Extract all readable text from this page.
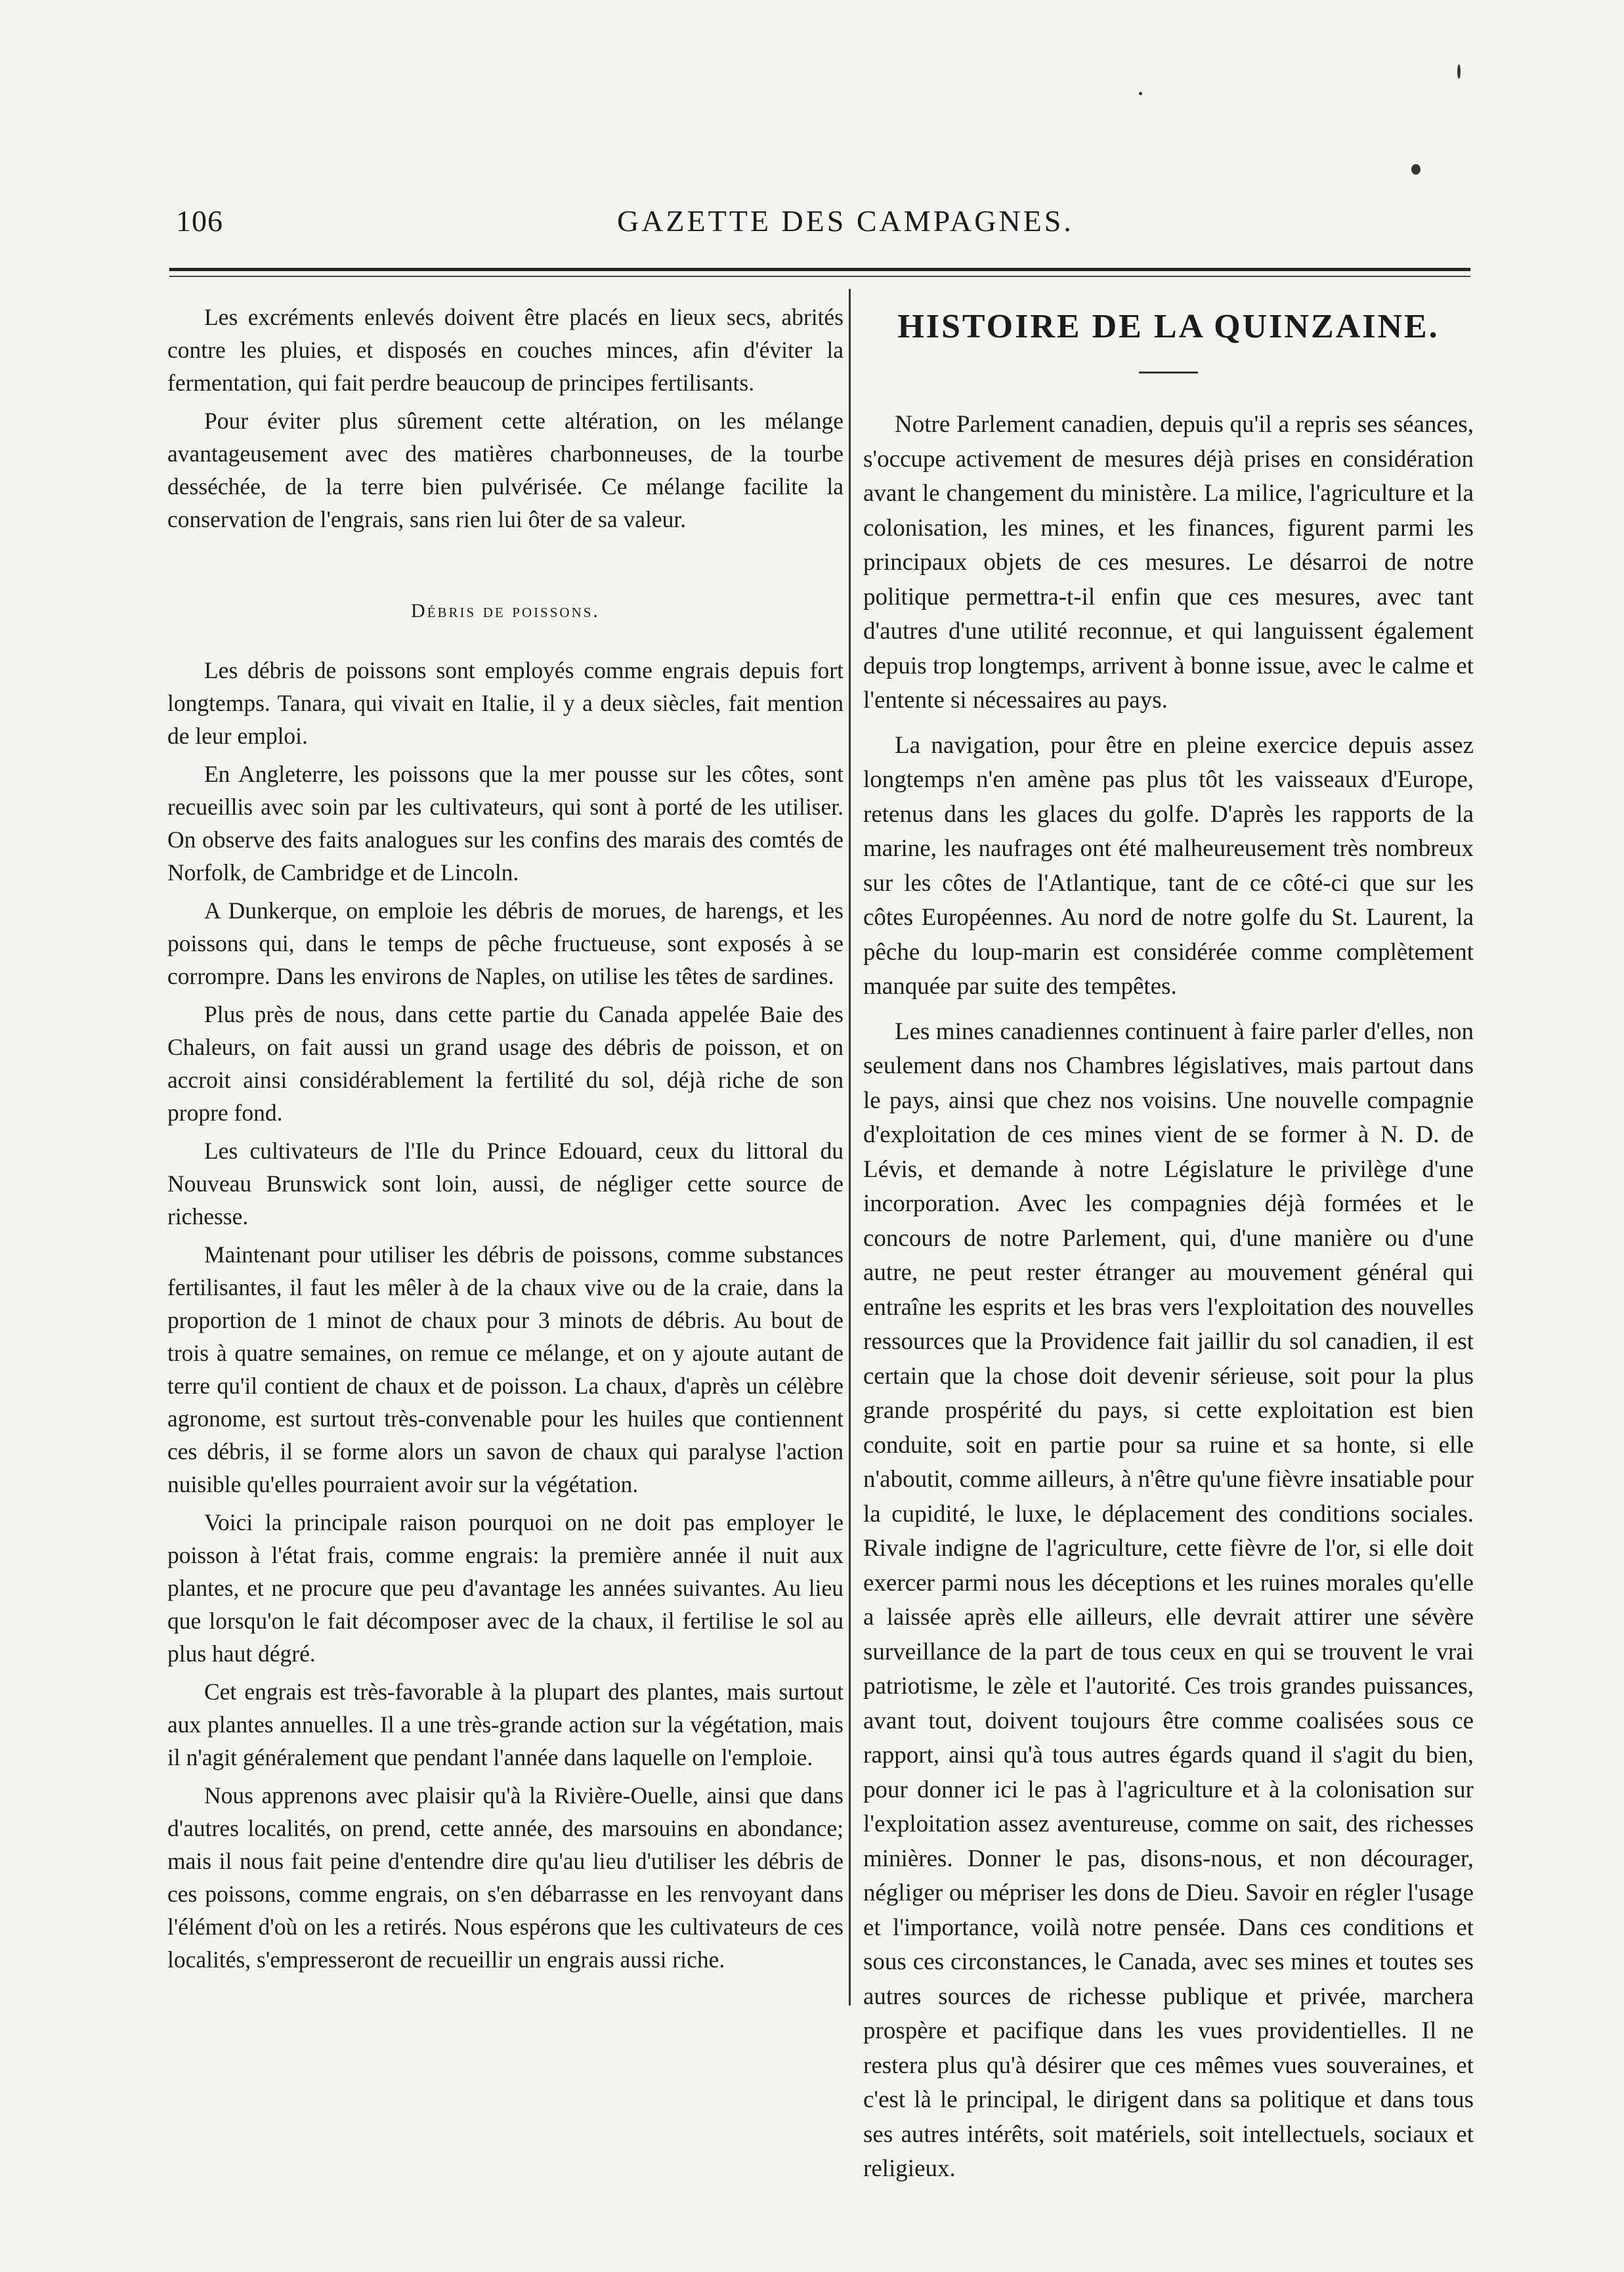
106	GAZETTE DES CAMPAGNES.

Les excréments enlevés doivent être placés en lieux secs, abrités contre les pluies, et disposés en couches minces, afin d'éviter la fermentation, qui fait perdre beaucoup de principes fertilisants.

Pour éviter plus sûrement cette altération, on les mélange avantageusement avec des matières charbonneuses, de la tourbe desséchée, de la terre bien pulvérisée. Ce mélange facilite la conservation de l'engrais, sans rien lui ôter de sa valeur.

Débris de poissons.

Les débris de poissons sont employés comme engrais depuis fort longtemps. Tanara, qui vivait en Italie, il y a deux siècles, fait mention de leur emploi.

En Angleterre, les poissons que la mer pousse sur les côtes, sont recueillis avec soin par les cultivateurs, qui sont à porté de les utiliser. On observe des faits analogues sur les confins des marais des comtés de Norfolk, de Cambridge et de Lincoln.

A Dunkerque, on emploie les débris de morues, de harengs, et les poissons qui, dans le temps de pêche fructueuse, sont exposés à se corrompre. Dans les environs de Naples, on utilise les têtes de sardines.

Plus près de nous, dans cette partie du Canada appelée Baie des Chaleurs, on fait aussi un grand usage des débris de poisson, et on accroit ainsi considérablement la fertilité du sol, déjà riche de son propre fond.

Les cultivateurs de l'Ile du Prince Edouard, ceux du littoral du Nouveau Brunswick sont loin, aussi, de négliger cette source de richesse.

Maintenant pour utiliser les débris de poissons, comme substances fertilisantes, il faut les mêler à de la chaux vive ou de la craie, dans la proportion de 1 minot de chaux pour 3 minots de débris. Au bout de trois à quatre semaines, on remue ce mélange, et on y ajoute autant de terre qu'il contient de chaux et de poisson. La chaux, d'après un célèbre agronome, est surtout très-convenable pour les huiles que contiennent ces débris, il se forme alors un savon de chaux qui paralyse l'action nuisible qu'elles pourraient avoir sur la végétation.

Voici la principale raison pourquoi on ne doit pas employer le poisson à l'état frais, comme engrais: la première année il nuit aux plantes, et ne procure que peu d'avantage les années suivantes. Au lieu que lorsqu'on le fait décomposer avec de la chaux, il fertilise le sol au plus haut dégré.

Cet engrais est très-favorable à la plupart des plantes, mais surtout aux plantes annuelles. Il a une très-grande action sur la végétation, mais il n'agit généralement que pendant l'année dans laquelle on l'emploie.

Nous apprenons avec plaisir qu'à la Rivière-Ouelle, ainsi que dans d'autres localités, on prend, cette année, des marsouins en abondance; mais il nous fait peine d'entendre dire qu'au lieu d'utiliser les débris de ces poissons, comme engrais, on s'en débarrasse en les renvoyant dans l'élément d'où on les a retirés. Nous espérons que les cultivateurs de ces localités, s'empresseront de recueillir un engrais aussi riche.

HISTOIRE DE LA QUINZAINE.

Notre Parlement canadien, depuis qu'il a repris ses séances, s'occupe activement de mesures déjà prises en considération avant le changement du ministère. La milice, l'agriculture et la colonisation, les mines, et les finances, figurent parmi les principaux objets de ces mesures. Le désarroi de notre politique permettra-t-il enfin que ces mesures, avec tant d'autres d'une utilité reconnue, et qui languissent également depuis trop longtemps, arrivent à bonne issue, avec le calme et l'entente si nécessaires au pays.

La navigation, pour être en pleine exercice depuis assez longtemps n'en amène pas plus tôt les vaisseaux d'Europe, retenus dans les glaces du golfe. D'après les rapports de la marine, les naufrages ont été malheureusement très nombreux sur les côtes de l'Atlantique, tant de ce côté-ci que sur les côtes Européennes. Au nord de notre golfe du St. Laurent, la pêche du loup-marin est considérée comme complètement manquée par suite des tempêtes.

Les mines canadiennes continuent à faire parler d'elles, non seulement dans nos Chambres législatives, mais partout dans le pays, ainsi que chez nos voisins. Une nouvelle compagnie d'exploitation de ces mines vient de se former à N. D. de Lévis, et demande à notre Législature le privilège d'une incorporation. Avec les compagnies déjà formées et le concours de notre Parlement, qui, d'une manière ou d'une autre, ne peut rester étranger au mouvement général qui entraîne les esprits et les bras vers l'exploitation des nouvelles ressources que la Providence fait jaillir du sol canadien, il est certain que la chose doit devenir sérieuse, soit pour la plus grande prospérité du pays, si cette exploitation est bien conduite, soit en partie pour sa ruine et sa honte, si elle n'aboutit, comme ailleurs, à n'être qu'une fièvre insatiable pour la cupidité, le luxe, le déplacement des conditions sociales. Rivale indigne de l'agriculture, cette fièvre de l'or, si elle doit exercer parmi nous les déceptions et les ruines morales qu'elle a laissée après elle ailleurs, elle devrait attirer une sévère surveillance de la part de tous ceux en qui se trouvent le vrai patriotisme, le zèle et l'autorité. Ces trois grandes puissances, avant tout, doivent toujours être comme coalisées sous ce rapport, ainsi qu'à tous autres égards quand il s'agit du bien, pour donner ici le pas à l'agriculture et à la colonisation sur l'exploitation assez aventureuse, comme on sait, des richesses minières. Donner le pas, disons-nous, et non décourager, négliger ou mépriser les dons de Dieu. Savoir en régler l'usage et l'importance, voilà notre pensée. Dans ces conditions et sous ces circonstances, le Canada, avec ses mines et toutes ses autres sources de richesse publique et privée, marchera prospère et pacifique dans les vues providentielles. Il ne restera plus qu'à désirer que ces mêmes vues souveraines, et c'est là le principal, le dirigent dans sa politique et dans tous ses autres intérêts, soit matériels, soit intellectuels, sociaux et religieux.
